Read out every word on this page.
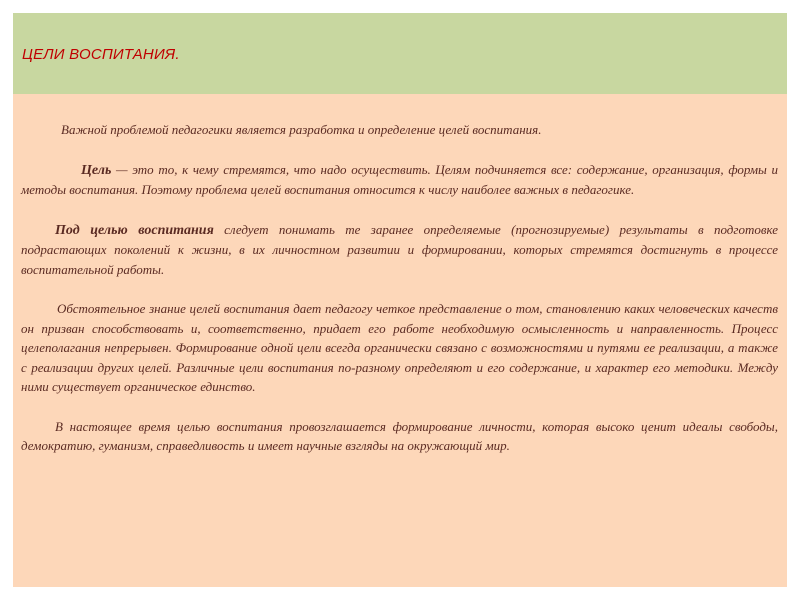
ЦЕЛИ ВОСПИТАНИЯ.

Важной проблемой педагогики является разработка и определение целей воспитания.

Цель — это то, к чему стремятся, что надо осуществить. Целям подчиняется все: содержание, организация, формы и методы воспитания. Поэтому проблема целей воспитания относится к числу наиболее важных в педагогике.

Под целью воспитания следует понимать те заранее определяемые (прогнозируемые) результаты в подготовке подрастающих поколений к жизни, в их личностном развитии и формировании, которых стремятся достигнуть в процессе воспитательной работы.

Обстоятельное знание целей воспитания дает педагогу четкое представление о том, становлению каких человеческих качеств он призван способствовать и, соответственно, придает его работе необходимую осмысленность и направленность. Процесс целеполагания непрерывен. Формирование одной цели всегда органически связано с возможностями и путями ее реализации, а также с реализации других целей. Различные цели воспитания по-разному определяют и его содержание, и характер его методики. Между ними существует органическое единство.

В настоящее время целью воспитания провозглашается формирование личности, которая высоко ценит идеалы свободы, демократию, гуманизм, справедливость и имеет научные взгляды на окружающий мир.
